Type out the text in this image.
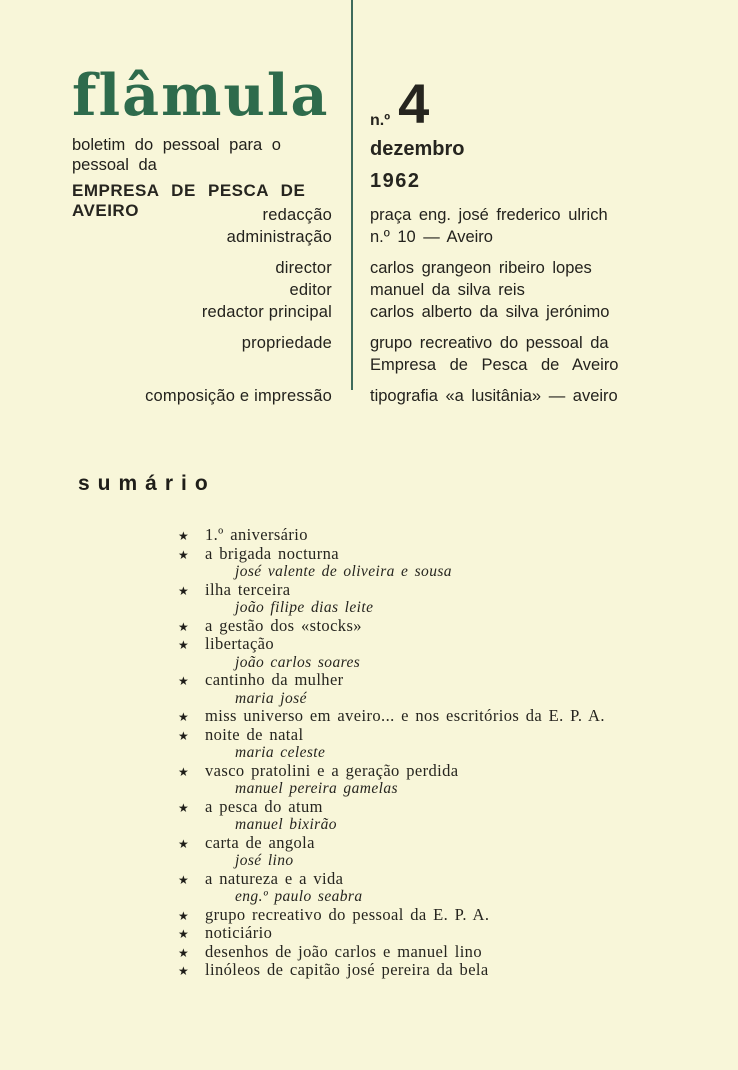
flâmula
boletim do pessoal para o pessoal da
EMPRESA DE PESCA DE AVEIRO
n.º 4
dezembro
1962
redacção praça eng. josé frederico ulrich
administração n.º 10 — Aveiro
director carlos grangeon ribeiro lopes
editor manuel da silva reis
redactor principal carlos alberto da silva jerónimo
propriedade grupo recreativo do pessoal da
Empresa de Pesca de Aveiro
composição e impressão tipografia «a lusitânia» — aveiro
sumário
★ 1.º aniversário
★ a brigada nocturna
josé valente de oliveira e sousa
★ ilha terceira
joão filipe dias leite
★ a gestão dos «stocks»
★ libertação
joão carlos soares
★ cantinho da mulher
maria josé
★ miss universo em aveiro... e nos escritórios da E. P. A.
★ noite de natal
maria celeste
★ vasco pratolini e a geração perdida
manuel pereira gamelas
★ a pesca do atum
manuel bixirão
★ carta de angola
josé lino
★ a natureza e a vida
eng.º paulo seabra
★ grupo recreativo do pessoal da E. P. A.
★ noticiário
★ desenhos de joão carlos e manuel lino
★ linóleos de capitão josé pereira da bela
